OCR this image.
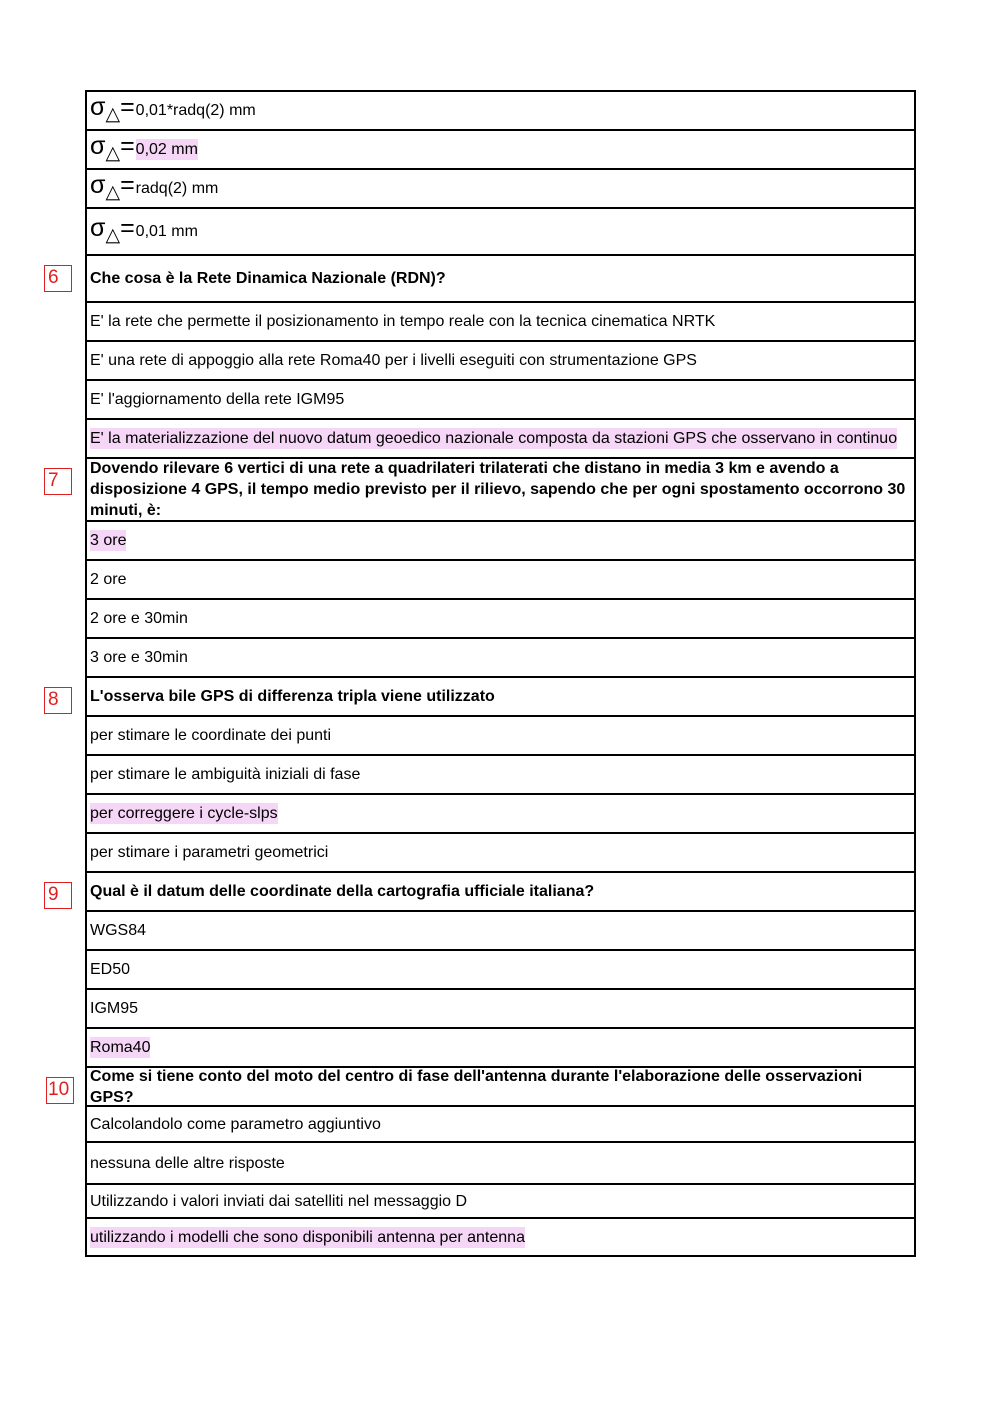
$\sigma_\triangle=$ 0,01*radq(2) mm
$\sigma_\triangle= 0,02$ mm
$\sigma_\triangle=$ radq(2) mm
$\sigma_\triangle= 0,01$ mm
Che cosa è la Rete Dinamica Nazionale (RDN)?
E' la rete che permette il posizionamento in tempo reale con la tecnica cinematica NRTK
E' una rete di appoggio alla rete Roma40 per i livelli eseguiti con strumentazione GPS
E' l'aggiornamento della rete IGM95
E' la materializzazione del nuovo datum geoedico nazionale composta da stazioni GPS che osservano in continuo
Dovendo rilevare 6 vertici di una rete a quadrilateri trilaterati che distano in media 3 km e avendo a disposizione 4 GPS, il tempo medio previsto per il rilievo, sapendo che per ogni spostamento occorrono 30 minuti, è:
3 ore
2 ore
2 ore e 30min
3 ore e 30min
L'osserva bile GPS di differenza tripla viene utilizzato
per stimare le coordinate dei punti
per stimare le ambiguità iniziali di fase
per correggere i cycle-slps
per stimare i parametri geometrici
Qual è il datum delle coordinate della cartografia ufficiale italiana?
WGS84
ED50
IGM95
Roma40
Come si tiene conto del moto del centro di fase dell'antenna durante l'elaborazione delle osservazioni GPS?
Calcolandolo come parametro aggiuntivo
nessuna delle altre risposte
Utilizzando i valori inviati dai satelliti nel messaggio D
utilizzando i modelli che sono disponibili antenna per antenna
6
7
8
9
10
